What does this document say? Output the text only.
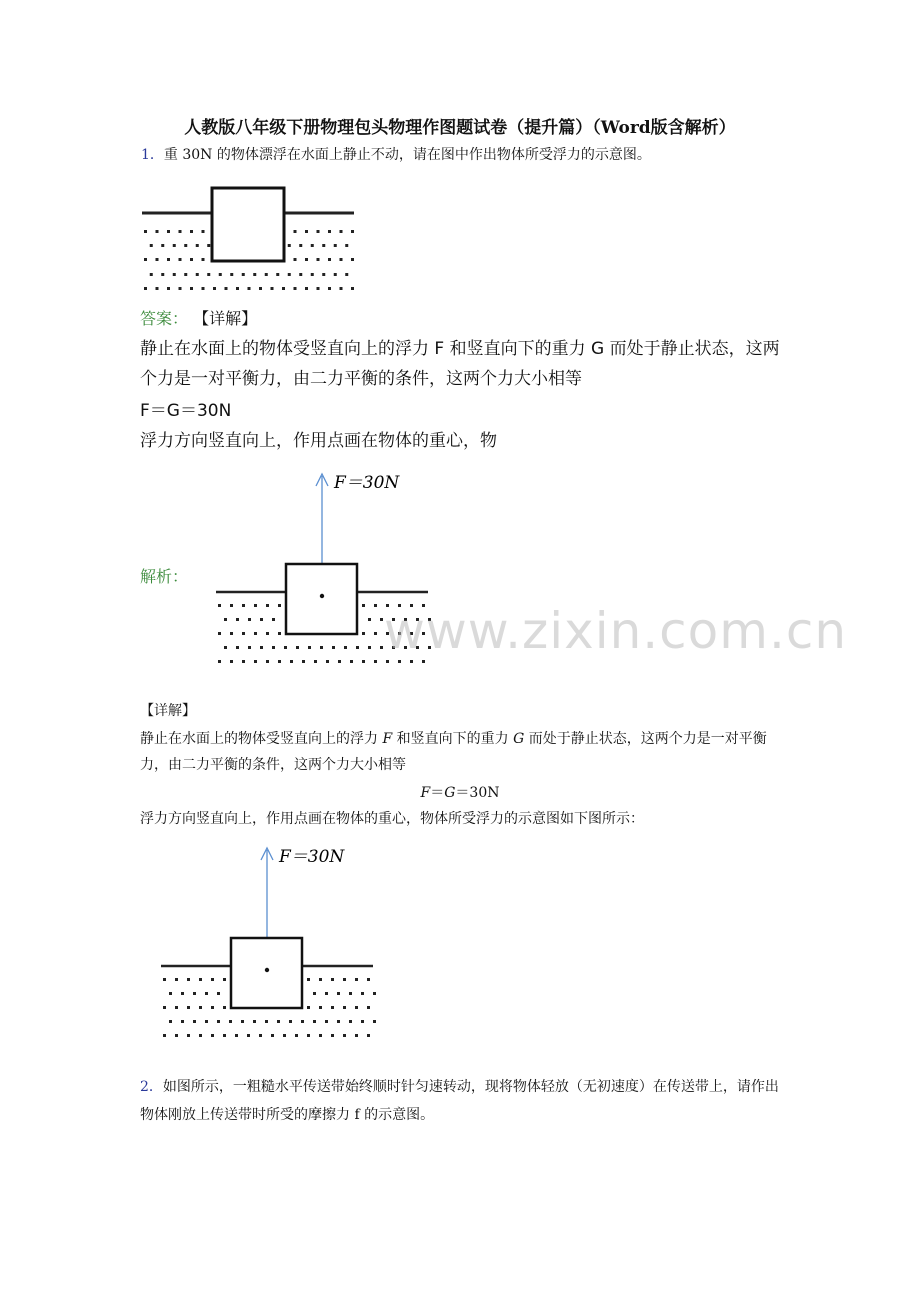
人教版八年级下册物理包头物理作图题试卷（提升篇）（Word版含解析）
1．重 30N 的物体漂浮在水面上静止不动，请在图中作出物体所受浮力的示意图。
答案： 【详解】
静止在水面上的物体受竖直向上的浮力 F 和竖直向下的重力 G 而处于静止状态，这两个力是一对平衡力，由二力平衡的条件，这两个力大小相等
F＝G＝30N
浮力方向竖直向上，作用点画在物体的重心，物
F＝30N
解析：
www.zixin.com.cn
【详解】
静止在水面上的物体受竖直向上的浮力 F 和竖直向下的重力 G 而处于静止状态，这两个力是一对平衡力，由二力平衡的条件，这两个力大小相等
F＝G＝30N
浮力方向竖直向上，作用点画在物体的重心，物体所受浮力的示意图如下图所示：
F＝30N
2．如图所示，一粗糙水平传送带始终顺时针匀速转动，现将物体轻放（无初速度）在传送带上，请作出物体刚放上传送带时所受的摩擦力 f 的示意图。
